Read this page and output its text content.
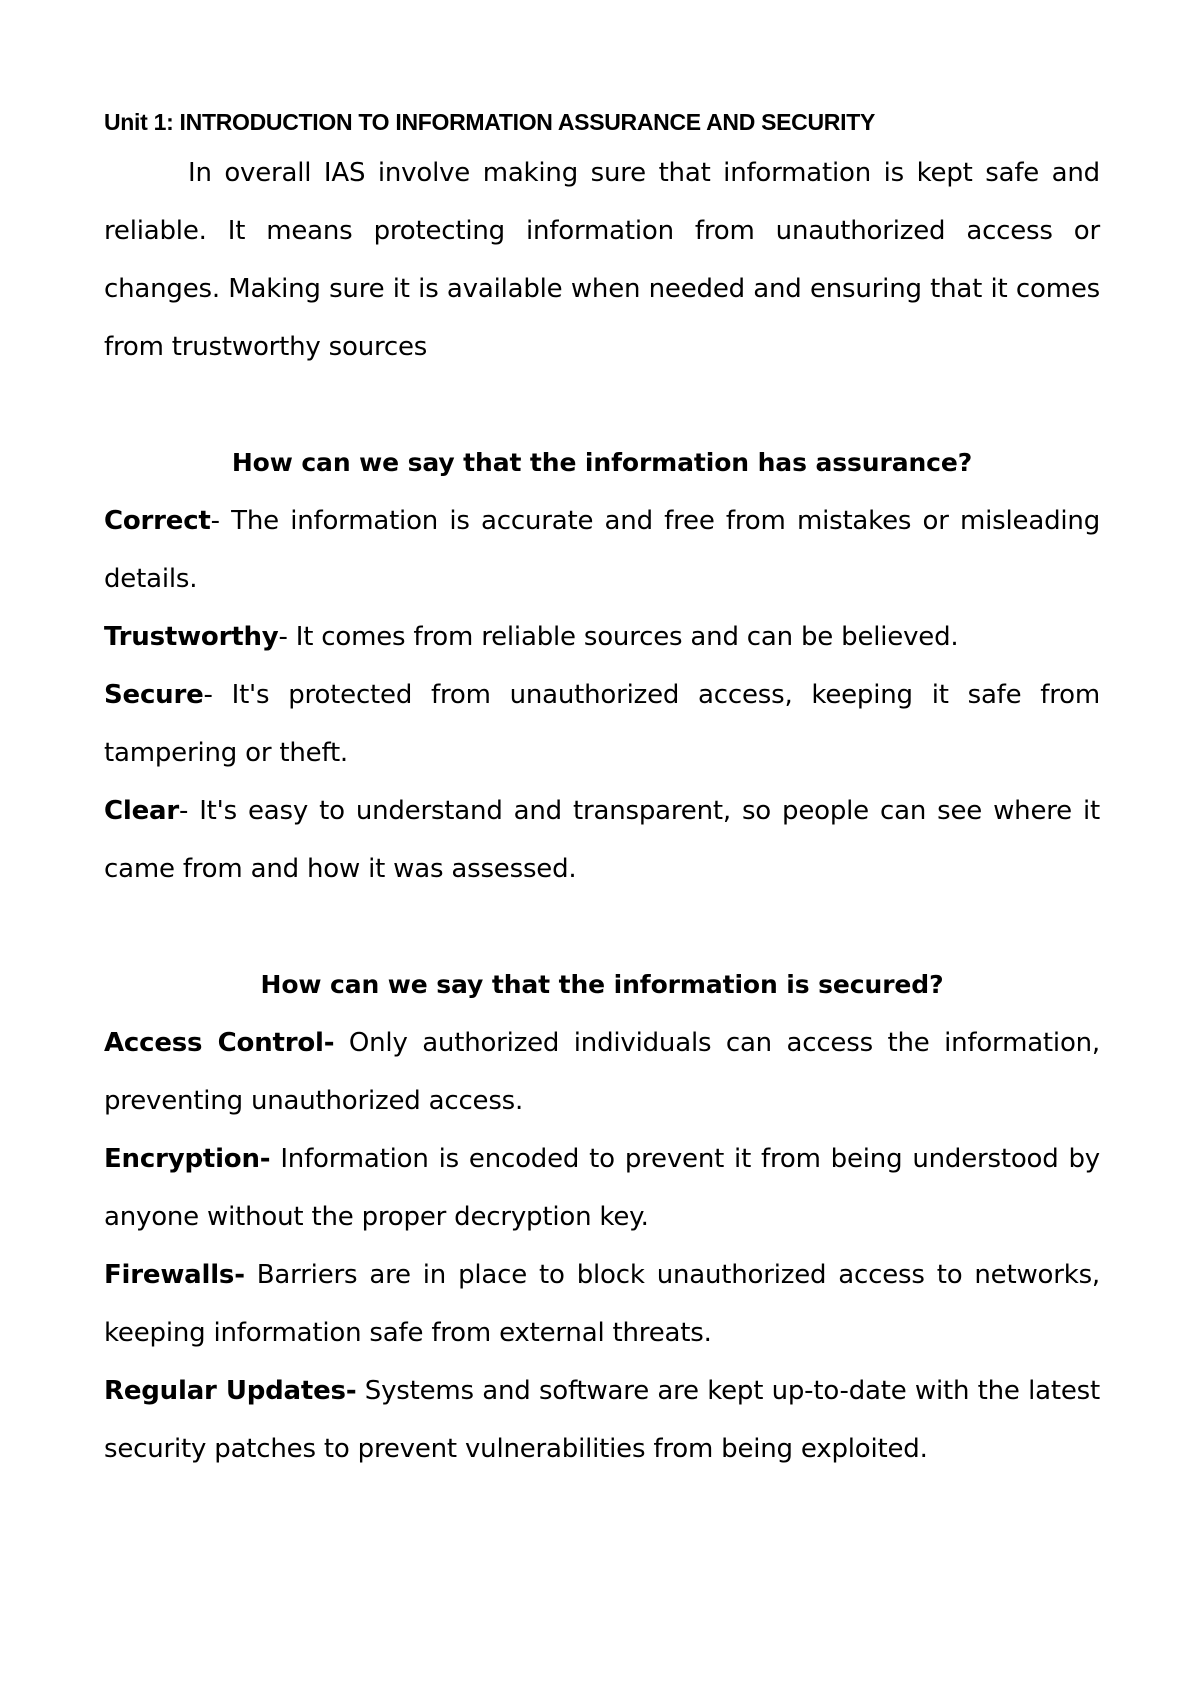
Unit 1: INTRODUCTION TO INFORMATION ASSURANCE AND SECURITY

In overall IAS involve making sure that information is kept safe and reliable. It means protecting information from unauthorized access or changes. Making sure it is available when needed and ensuring that it comes from trustworthy sources

How can we say that the information has assurance?

Correct- The information is accurate and free from mistakes or misleading details.

Trustworthy- It comes from reliable sources and can be believed.

Secure- It's protected from unauthorized access, keeping it safe from tampering or theft.

Clear- It's easy to understand and transparent, so people can see where it came from and how it was assessed.

How can we say that the information is secured?

Access Control- Only authorized individuals can access the information, preventing unauthorized access.

Encryption- Information is encoded to prevent it from being understood by anyone without the proper decryption key.

Firewalls- Barriers are in place to block unauthorized access to networks, keeping information safe from external threats.

Regular Updates- Systems and software are kept up-to-date with the latest security patches to prevent vulnerabilities from being exploited.
